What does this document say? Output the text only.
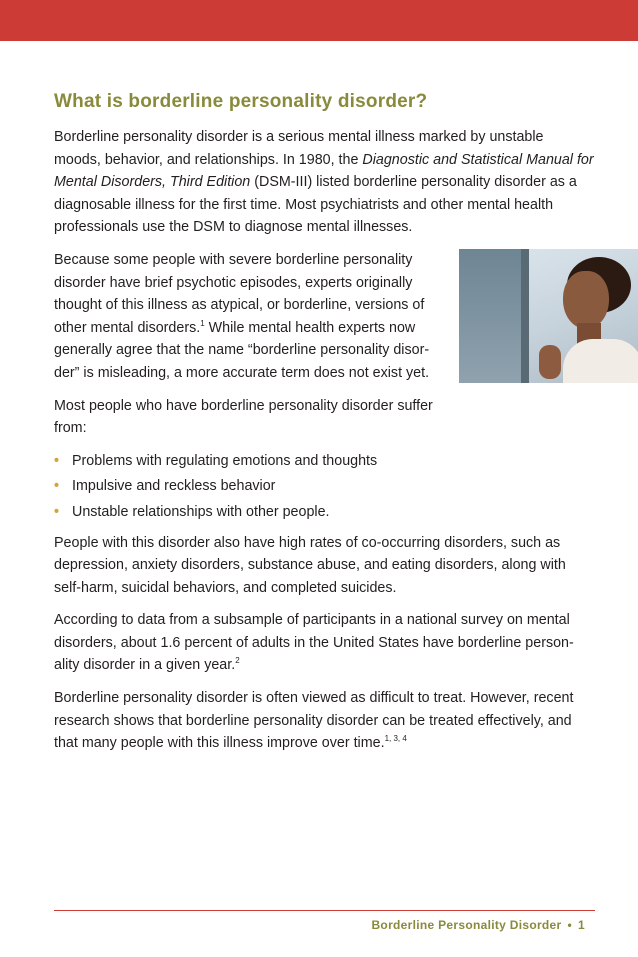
What is borderline personality disorder?

Borderline personality disorder is a serious mental illness marked by unstable moods, behavior, and relationships. In 1980, the Diagnostic and Statistical Manual for Mental Disorders, Third Edition (DSM-III) listed borderline personality disorder as a diagnosable illness for the first time. Most psychiatrists and other mental health professionals use the DSM to diagnose mental illnesses.

Because some people with severe borderline personality disorder have brief psychotic episodes, experts originally thought of this illness as atypical, or borderline, versions of other mental disorders.$^1$ While mental health experts now generally agree that the name “borderline personality disor-der” is misleading, a more accurate term does not exist yet.

Most people who have borderline personality disorder suffer from:

• Problems with regulating emotions and thoughts
• Impulsive and reckless behavior
• Unstable relationships with other people.

People with this disorder also have high rates of co-occurring disorders, such as depression, anxiety disorders, substance abuse, and eating disorders, along with self-harm, suicidal behaviors, and completed suicides.

According to data from a subsample of participants in a national survey on mental disorders, about 1.6 percent of adults in the United States have borderline person-ality disorder in a given year.$^2$

Borderline personality disorder is often viewed as difficult to treat. However, recent research shows that borderline personality disorder can be treated effectively, and that many people with this illness improve over time.$^{1, 3, 4}$

Borderline Personality Disorder • 1
